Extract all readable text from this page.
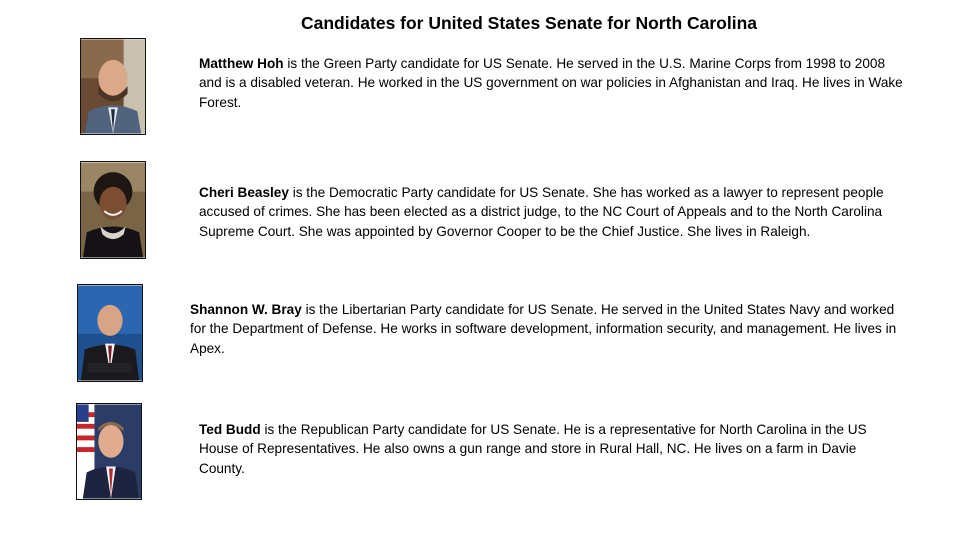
Candidates for United States Senate for North Carolina

Matthew Hoh is the Green Party candidate for US Senate. He served in the U.S. Marine Corps from 1998 to 2008 and is a disabled veteran. He worked in the US government on war policies in Afghanistan and Iraq. He lives in Wake Forest.

Cheri Beasley is the Democratic Party candidate for US Senate. She has worked as a lawyer to represent people accused of crimes. She has been elected as a district judge, to the NC Court of Appeals and to the North Carolina Supreme Court. She was appointed by Governor Cooper to be the Chief Justice. She lives in Raleigh.

Shannon W. Bray is the Libertarian Party candidate for US Senate. He served in the United States Navy and worked for the Department of Defense. He works in software development, information security, and management. He lives in Apex.

Ted Budd is the Republican Party candidate for US Senate. He is a representative for North Carolina in the US House of Representatives. He also owns a gun range and store in Rural Hall, NC. He lives on a farm in Davie County.
